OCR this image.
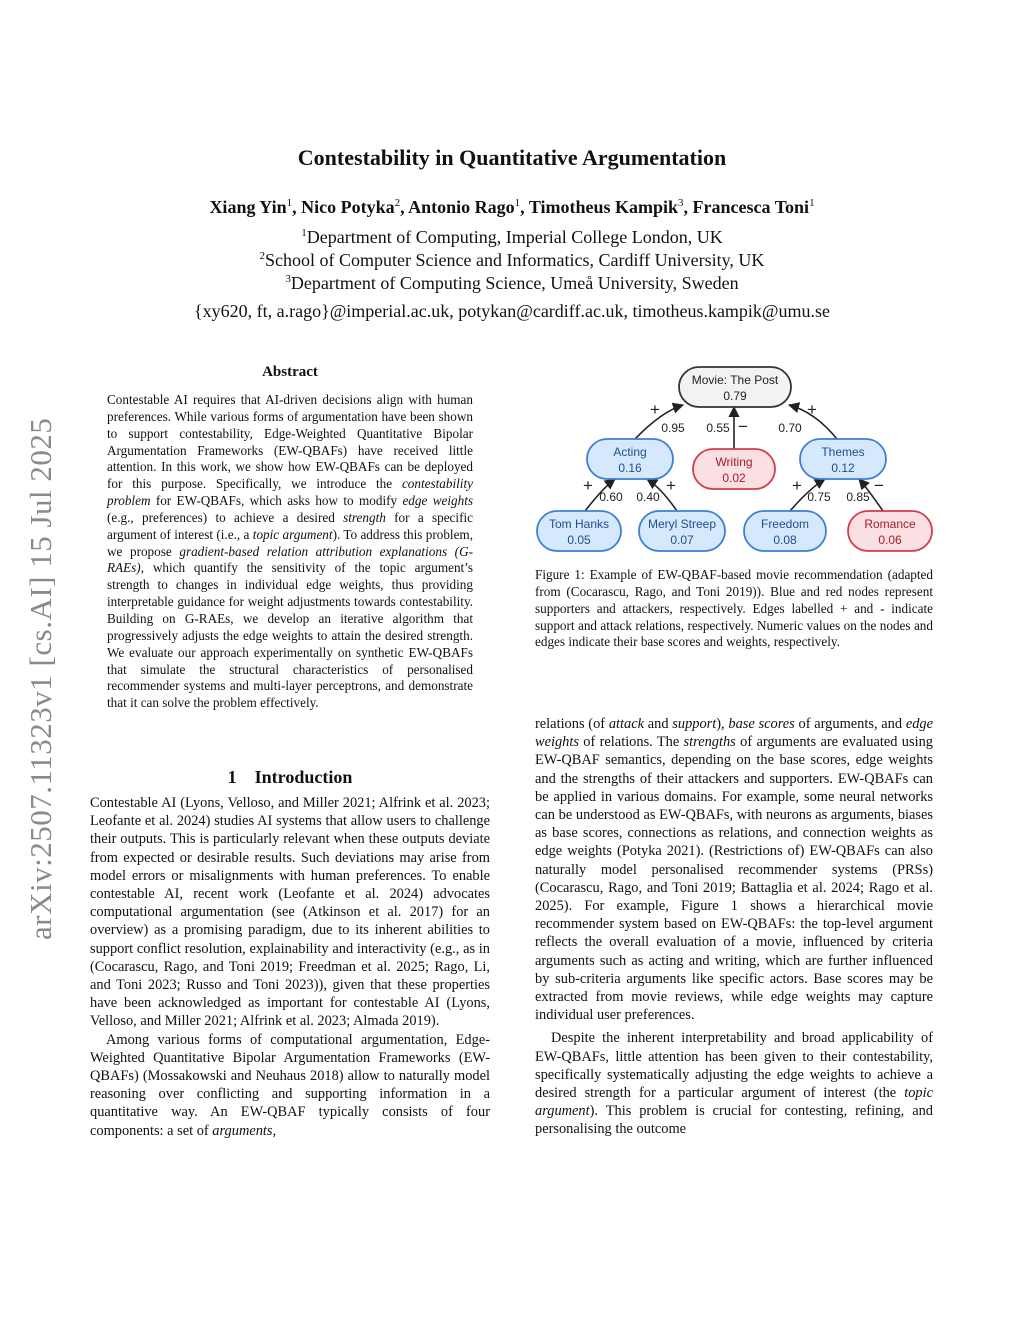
arXiv:2507.11323v1 [cs.AI] 15 Jul 2025
Contestability in Quantitative Argumentation
Xiang Yin$^1$, Nico Potyka$^2$, Antonio Rago$^1$, Timotheus Kampik$^3$, Francesca Toni$^1$
$^1$Department of Computing, Imperial College London, UK
$^2$School of Computer Science and Informatics, Cardiff University, UK
$^3$Department of Computing Science, Umeå University, Sweden
{xy620, ft, a.rago}@imperial.ac.uk, potykan@cardiff.ac.uk, timotheus.kampik@umu.se
Abstract

Contestable AI requires that AI-driven decisions align with human preferences. While various forms of argumentation have been shown to support contestability, Edge-Weighted Quantitative Bipolar Argumentation Frameworks (EW-QBAFs) have received little attention. In this work, we show how EW-QBAFs can be deployed for this purpose. Specifically, we introduce the contestability problem for EW-QBAFs, which asks how to modify edge weights (e.g., preferences) to achieve a desired strength for a specific argument of interest (i.e., a topic argument). To address this problem, we propose gradient-based relation attribution explanations (G-RAEs), which quantify the sensitivity of the topic argument’s strength to changes in individual edge weights, thus providing interpretable guidance for weight adjustments towards contestability. Building on G-RAEs, we develop an iterative algorithm that progressively adjusts the edge weights to attain the desired strength. We evaluate our approach experimentally on synthetic EW-QBAFs that simulate the structural characteristics of personalised recommender systems and multi-layer perceptrons, and demonstrate that it can solve the problem effectively.

1    Introduction

Contestable AI (Lyons, Velloso, and Miller 2021; Alfrink et al. 2023; Leofante et al. 2024) studies AI systems that allow users to challenge their outputs. This is particularly relevant when these outputs deviate from expected or desirable results. Such deviations may arise from model errors or misalignments with human preferences. To enable contestable AI, recent work (Leofante et al. 2024) advocates computational argumentation (see (Atkinson et al. 2017) for an overview) as a promising paradigm, due to its inherent abilities to support conflict resolution, explainability and interactivity (e.g., as in (Cocarascu, Rago, and Toni 2019; Freedman et al. 2025; Rago, Li, and Toni 2023; Russo and Toni 2023)), given that these properties have been acknowledged as important for contestable AI (Lyons, Velloso, and Miller 2021; Alfrink et al. 2023; Almada 2019).

Among various forms of computational argumentation, Edge-Weighted Quantitative Bipolar Argumentation Frameworks (EW-QBAFs) (Mossakowski and Neuhaus 2018) allow to naturally model reasoning over conflicting and supporting information in a quantitative way. An EW-QBAF typically consists of four components: a set of arguments,

+
0.95	−
0.55
+
0.70
+
0.60
+
0.40
+
0.75
−
0.85
Movie: The Post
0.79
Acting
0.16	Writing
0.02
Themes
0.12
Tom Hanks
0.05
Meryl Streep
0.07
Freedom
0.08
Romance
0.06
Figure 1: Example of EW-QBAF-based movie recommendation (adapted from (Cocarascu, Rago, and Toni 2019)). Blue and red nodes represent supporters and attackers, respectively. Edges labelled + and - indicate support and attack relations, respectively. Numeric values on the nodes and edges indicate their base scores and weights, respectively.

relations (of attack and support), base scores of arguments, and edge weights of relations. The strengths of arguments are evaluated using EW-QBAF semantics, depending on the base scores, edge weights and the strengths of their attackers and supporters. EW-QBAFs can be applied in various domains. For example, some neural networks can be understood as EW-QBAFs, with neurons as arguments, biases as base scores, connections as relations, and connection weights as edge weights (Potyka 2021). (Restrictions of) EW-QBAFs can also naturally model personalised recommender systems (PRSs) (Cocarascu, Rago, and Toni 2019; Battaglia et al. 2024; Rago et al. 2025). For example, Figure 1 shows a hierarchical movie recommender system based on EW-QBAFs: the top-level argument reflects the overall evaluation of a movie, influenced by criteria arguments such as acting and writing, which are further influenced by sub-criteria arguments like specific actors. Base scores may be extracted from movie reviews, while edge weights may capture individual user preferences.

Despite the inherent interpretability and broad applicability of EW-QBAFs, little attention has been given to their contestability, specifically systematically adjusting the edge weights to achieve a desired strength for a particular argument of interest (the topic argument). This problem is crucial for contesting, refining, and personalising the outcome
